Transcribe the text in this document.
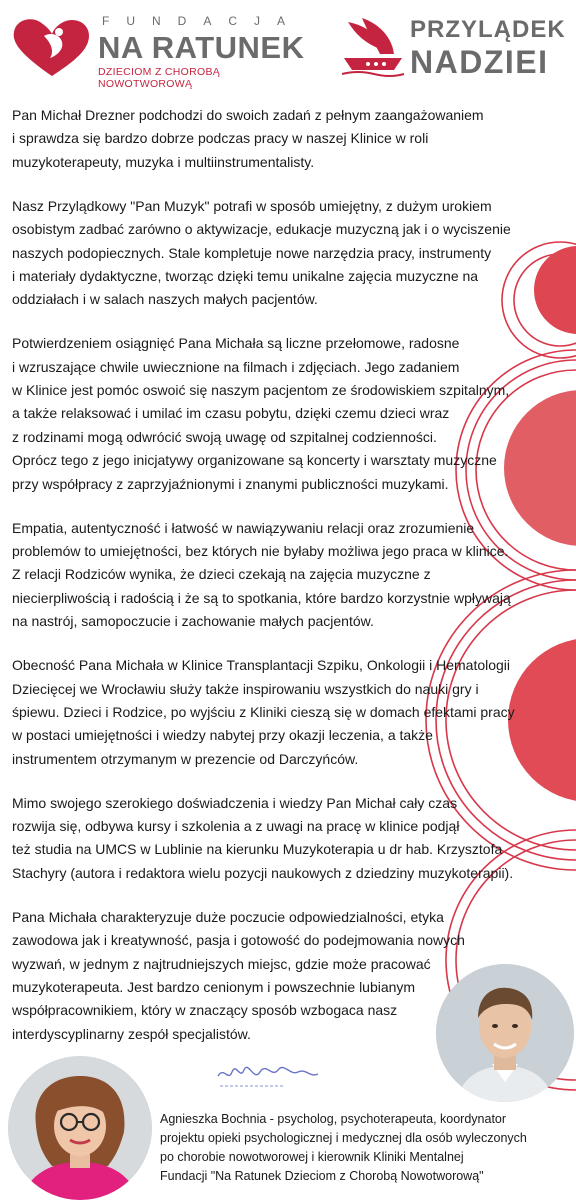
FUNDACJA
NA RATUNEK
DZIECIOM Z CHOROBĄ NOWOTWOROWĄ
PRZYLĄDEK
NADZIEI

Pan Michał Drezner podchodzi do swoich zadań z pełnym zaangażowaniem
i sprawdza się bardzo dobrze podczas pracy w naszej Klinice w roli
muzykoterapeuty, muzyka i multiinstrumentalisty.

Nasz Przylądkowy "Pan Muzyk" potrafi w sposób umiejętny, z dużym urokiem
osobistym zadbać zarówno o aktywizacje, edukacje muzyczną jak i o wyciszenie
naszych podopiecznych. Stale kompletuje nowe narzędzia pracy, instrumenty
i materiały dydaktyczne, tworząc dzięki temu unikalne zajęcia muzyczne na
oddziałach i w salach naszych małych pacjentów.

Potwierdzeniem osiągnięć Pana Michała są liczne przełomowe, radosne
i wzruszające chwile uwiecznione na filmach i zdjęciach. Jego zadaniem
w Klinice jest pomóc oswoić się naszym pacjentom ze środowiskiem szpitalnym,
a także relaksować i umilać im czasu pobytu, dzięki czemu dzieci wraz
z rodzinami mogą odwrócić swoją uwagę od szpitalnej codzienności.
Oprócz tego z jego inicjatywy organizowane są koncerty i warsztaty muzyczne
przy współpracy z zaprzyjaźnionymi i znanymi publiczności muzykami.

Empatia, autentyczność i łatwość w nawiązywaniu relacji oraz zrozumienie
problemów to umiejętności, bez których nie byłaby możliwa jego praca w klinice.
Z relacji Rodziców wynika, że dzieci czekają na zajęcia muzyczne z
niecierpliwością i radością i że są to spotkania, które bardzo korzystnie wpływają
na nastrój, samopoczucie i zachowanie małych pacjentów.

Obecność Pana Michała w Klinice Transplantacji Szpiku, Onkologii i Hematologii
Dziecięcej we Wrocławiu służy także inspirowaniu wszystkich do nauki gry i
śpiewu. Dzieci i Rodzice, po wyjściu z Kliniki cieszą się w domach efektami pracy
w postaci umiejętności i wiedzy nabytej przy okazji leczenia, a także
instrumentem otrzymanym w prezencie od Darczyńców.

Mimo swojego szerokiego doświadczenia i wiedzy Pan Michał cały czas
rozwija się, odbywa kursy i szkolenia a z uwagi na pracę w klinice podjął
też studia na UMCS w Lublinie na kierunku Muzykoterapia u dr hab. Krzysztofa
Stachyry (autora i redaktora wielu pozycji naukowych z dziedziny muzykoterapii).

Pana Michała charakteryzuje duże poczucie odpowiedzialności, etyka
zawodowa jak i kreatywność, pasja i gotowość do podejmowania nowych
wyzwań, w jednym z najtrudniejszych miejsc, gdzie może pracować
muzykoterapeuta. Jest bardzo cenionym i powszechnie lubianym
współpracownikiem, który w znaczący sposób wzbogaca nasz
interdyscyplinarny zespół specjalistów.

Agnieszka Bochnia - psycholog, psychoterapeuta, koordynator
projektu opieki psychologicznej i medycznej dla osób wyleczonych
po chorobie nowotworowej i kierownik Kliniki Mentalnej
Fundacji "Na Ratunek Dzieciom z Chorobą Nowotworową"
